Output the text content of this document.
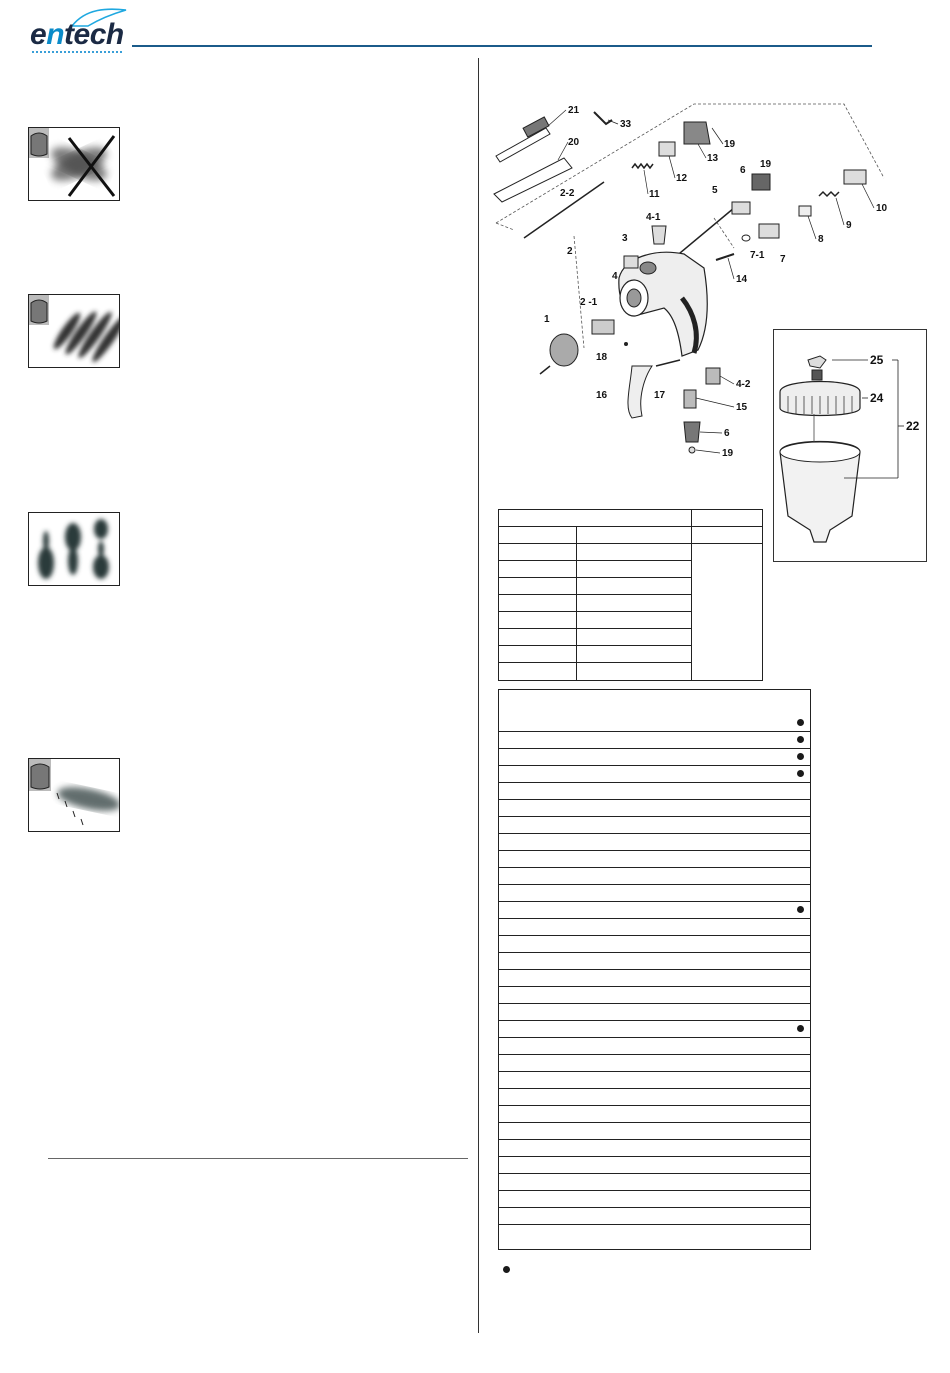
entech
21
33
20	19
13
12
11
2-2
6
19
10
5
9
4-1
8
3
7-1 7
2
14
4
2 -1
1
18
4-2
16	17
15
6
19
25
24
22
